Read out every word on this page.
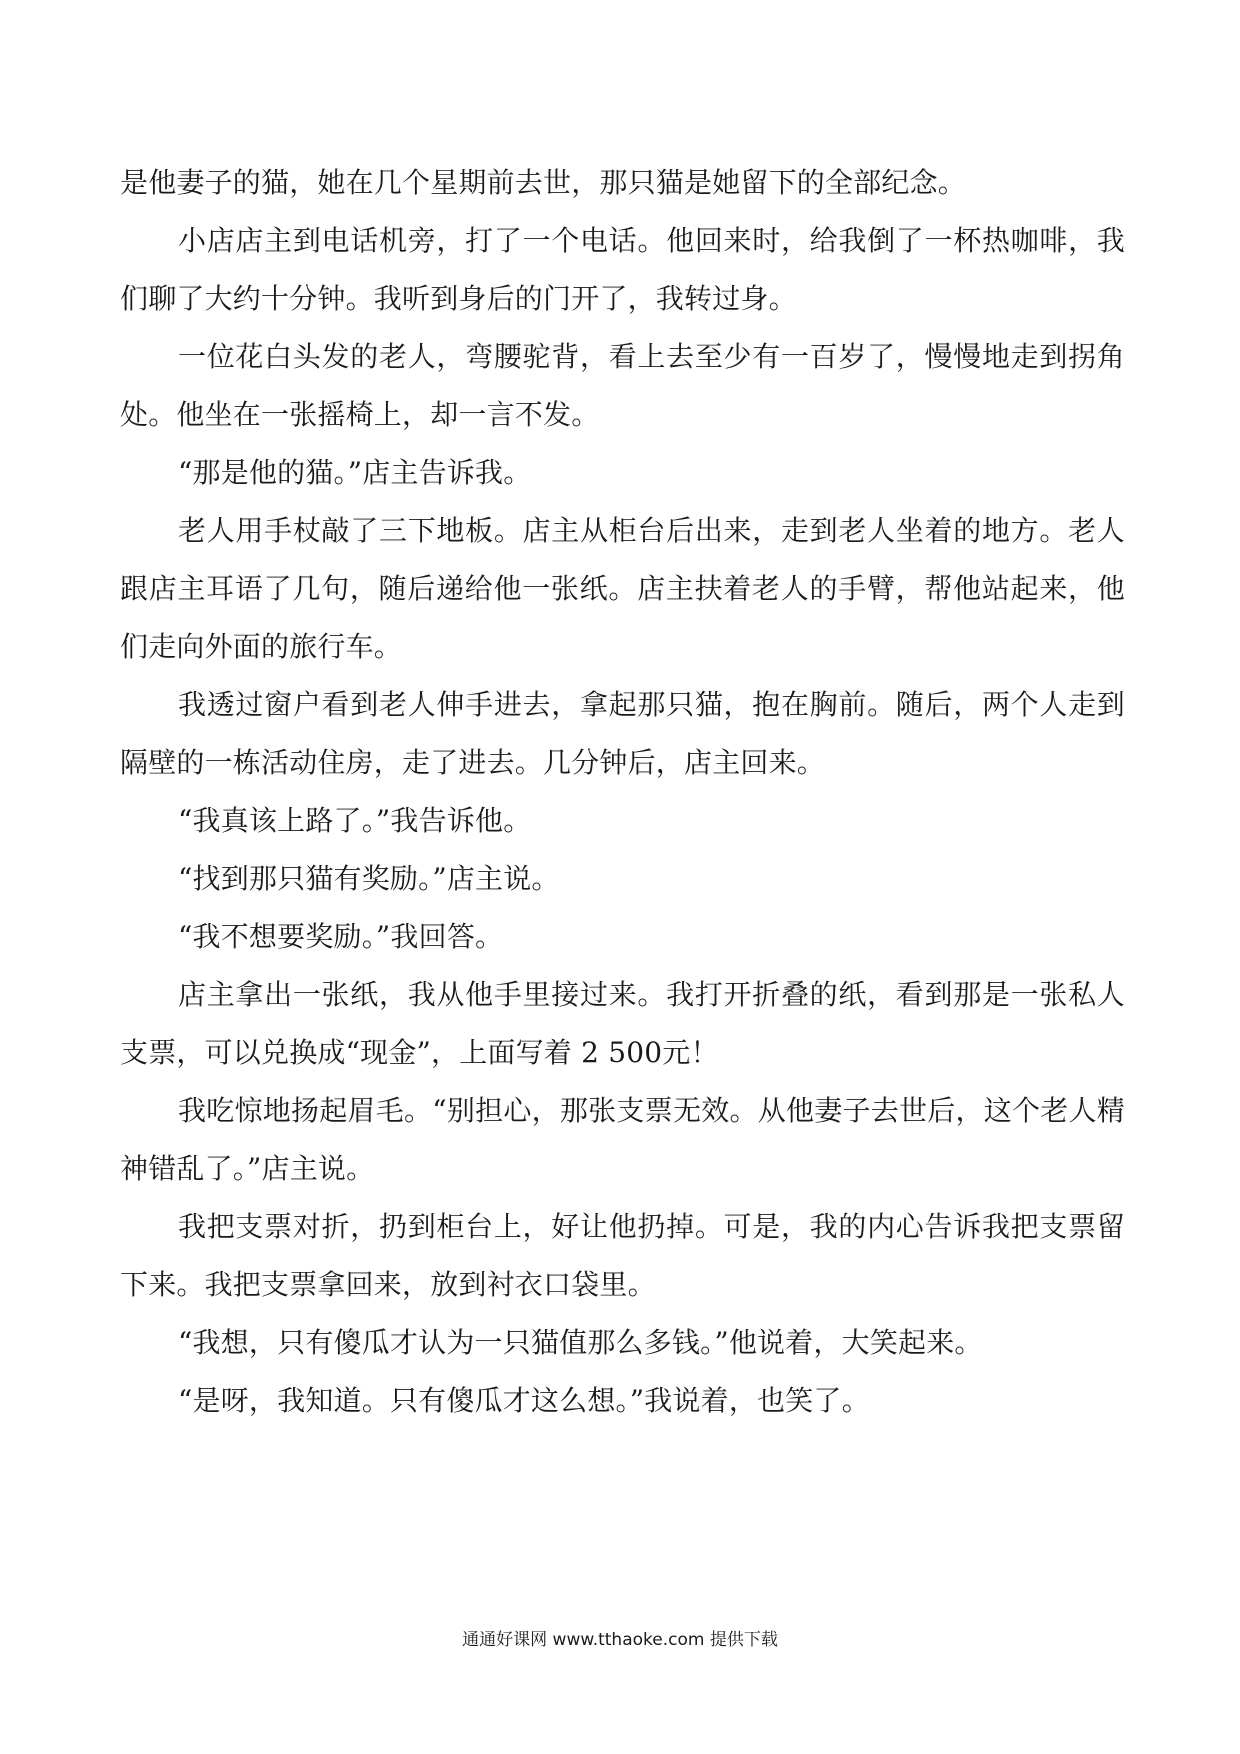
是他妻子的猫，她在几个星期前去世，那只猫是她留下的全部纪念。

小店店主到电话机旁，打了一个电话。他回来时，给我倒了一杯热咖啡，我们聊了大约十分钟。我听到身后的门开了，我转过身。

一位花白头发的老人，弯腰驼背，看上去至少有一百岁了，慢慢地走到拐角处。他坐在一张摇椅上，却一言不发。

“那是他的猫。”店主告诉我。

老人用手杖敲了三下地板。店主从柜台后出来，走到老人坐着的地方。老人跟店主耳语了几句，随后递给他一张纸。店主扶着老人的手臂，帮他站起来，他们走向外面的旅行车。

我透过窗户看到老人伸手进去，拿起那只猫，抱在胸前。随后，两个人走到隔壁的一栋活动住房，走了进去。几分钟后，店主回来。

“我真该上路了。”我告诉他。

“找到那只猫有奖励。”店主说。

“我不想要奖励。”我回答。

店主拿出一张纸，我从他手里接过来。我打开折叠的纸，看到那是一张私人支票，可以兑换成“现金”，上面写着 2 500元！

我吃惊地扬起眉毛。“别担心，那张支票无效。从他妻子去世后，这个老人精神错乱了。”店主说。

我把支票对折，扔到柜台上，好让他扔掉。可是，我的内心告诉我把支票留下来。我把支票拿回来，放到衬衣口袋里。

“我想，只有傻瓜才认为一只猫值那么多钱。”他说着，大笑起来。

“是呀，我知道。只有傻瓜才这么想。”我说着，也笑了。

通通好课网 www.tthaoke.com 提供下载
